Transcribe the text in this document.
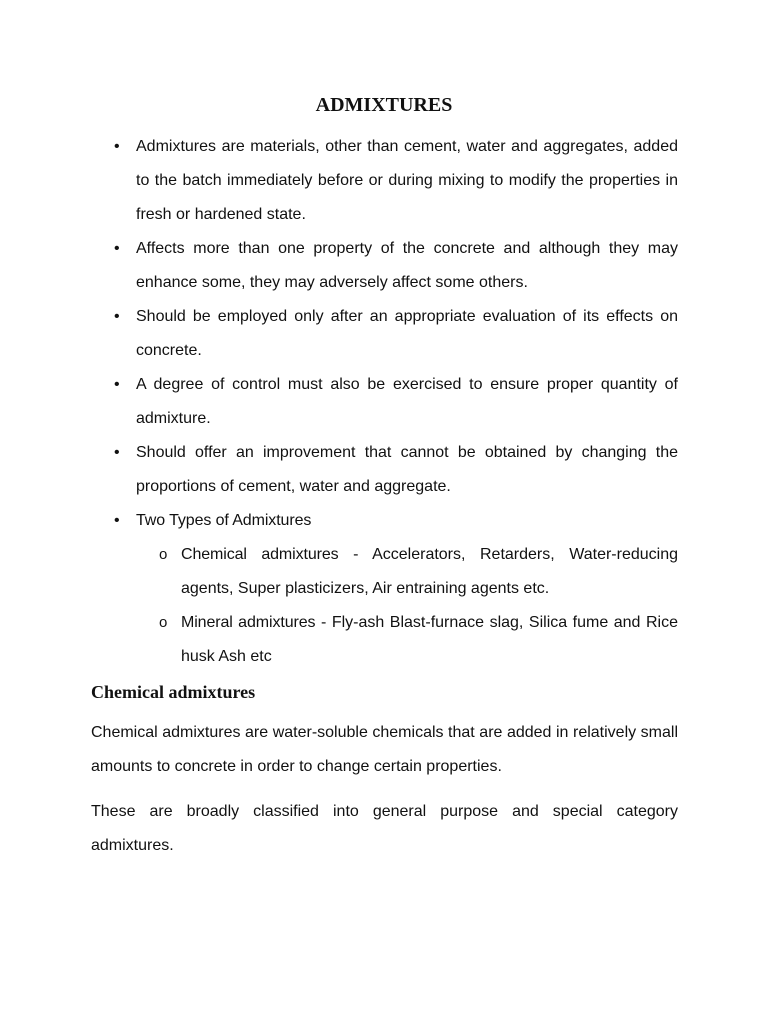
ADMIXTURES
• Admixtures are materials, other than cement, water and aggregates, added to the batch immediately before or during mixing to modify the properties in fresh or hardened state.
• Affects more than one property of the concrete and although they may enhance some, they may adversely affect some others.
• Should be employed only after an appropriate evaluation of its effects on concrete.
• A degree of control must also be exercised to ensure proper quantity of admixture.
• Should offer an improvement that cannot be obtained by changing the proportions of cement, water and aggregate.
• Two Types of Admixtures
o Chemical admixtures - Accelerators, Retarders, Water-reducing agents, Super plasticizers, Air entraining agents etc.
o Mineral admixtures - Fly-ash Blast-furnace slag, Silica fume and Rice husk Ash etc
Chemical admixtures

Chemical admixtures are water-soluble chemicals that are added in relatively small amounts to concrete in order to change certain properties.

These are broadly classified into general purpose and special category admixtures.
